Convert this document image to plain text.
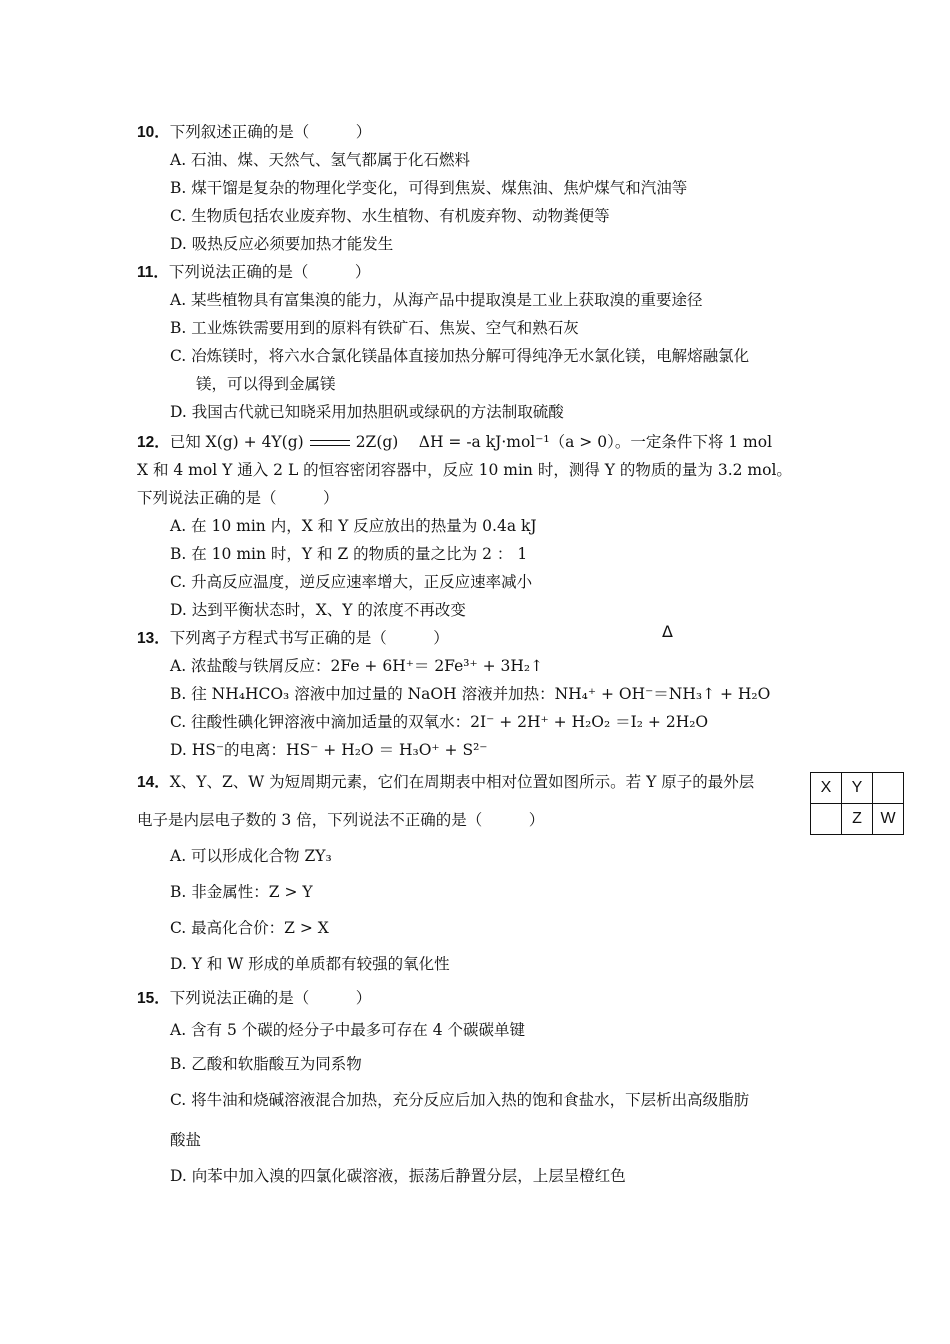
10．下列叙述正确的是（　　　）
A. 石油、煤、天然气、氢气都属于化石燃料
B. 煤干馏是复杂的物理化学变化，可得到焦炭、煤焦油、焦炉煤气和汽油等
C. 生物质包括农业废弃物、水生植物、有机废弃物、动物粪便等
D. 吸热反应必须要加热才能发生
11．下列说法正确的是（　　　）
A. 某些植物具有富集溴的能力，从海产品中提取溴是工业上获取溴的重要途径
B. 工业炼铁需要用到的原料有铁矿石、焦炭、空气和熟石灰
C. 冶炼镁时，将六水合氯化镁晶体直接加热分解可得纯净无水氯化镁，电解熔融氯化
镁，可以得到金属镁
D. 我国古代就已知晓采用加热胆矾或绿矾的方法制取硫酸
12．已知 X(g) + 4Y(g)	2Z(g)　 ΔH = -a kJ·mol⁻¹（a > 0）。一定条件下将 1 mol
X 和 4 mol Y 通入 2 L 的恒容密闭容器中，反应 10 min 时，测得 Y 的物质的量为 3.2 mol。
下列说法正确的是（　　　）
A. 在 10 min 内，X 和 Y 反应放出的热量为 0.4a kJ
B. 在 10 min 时，Y 和 Z 的物质的量之比为 2 ： 1
C. 升高反应温度，逆反应速率增大，正反应速率减小
D. 达到平衡状态时，X、Y 的浓度不再改变
13．下列离子方程式书写正确的是（　　　）	Δ
A. 浓盐酸与铁屑反应：2Fe + 6H⁺＝ 2Fe³⁺ + 3H₂↑
B. 往 NH₄HCO₃ 溶液中加过量的 NaOH 溶液并加热：NH₄⁺ + OH⁻＝NH₃↑ + H₂O
C. 往酸性碘化钾溶液中滴加适量的双氧水：2I⁻ + 2H⁺ + H₂O₂ ＝I₂ + 2H₂O
D. HS⁻的电离：HS⁻ + H₂O ＝ H₃O⁺ + S²⁻
14．X、Y、Z、W 为短周期元素，它们在周期表中相对位置如图所示。若 Y 原子的最外层
电子是内层电子数的 3 倍，下列说法不正确的是（　　　）
X	Y	
	Z	W
A. 可以形成化合物 ZY₃
B. 非金属性：Z > Y
C. 最高化合价：Z > X
D. Y 和 W 形成的单质都有较强的氧化性
15．下列说法正确的是（　　　）
A. 含有 5 个碳的烃分子中最多可存在 4 个碳碳单键
B. 乙酸和软脂酸互为同系物
C. 将牛油和烧碱溶液混合加热，充分反应后加入热的饱和食盐水，下层析出高级脂肪
酸盐
D. 向苯中加入溴的四氯化碳溶液，振荡后静置分层，上层呈橙红色
